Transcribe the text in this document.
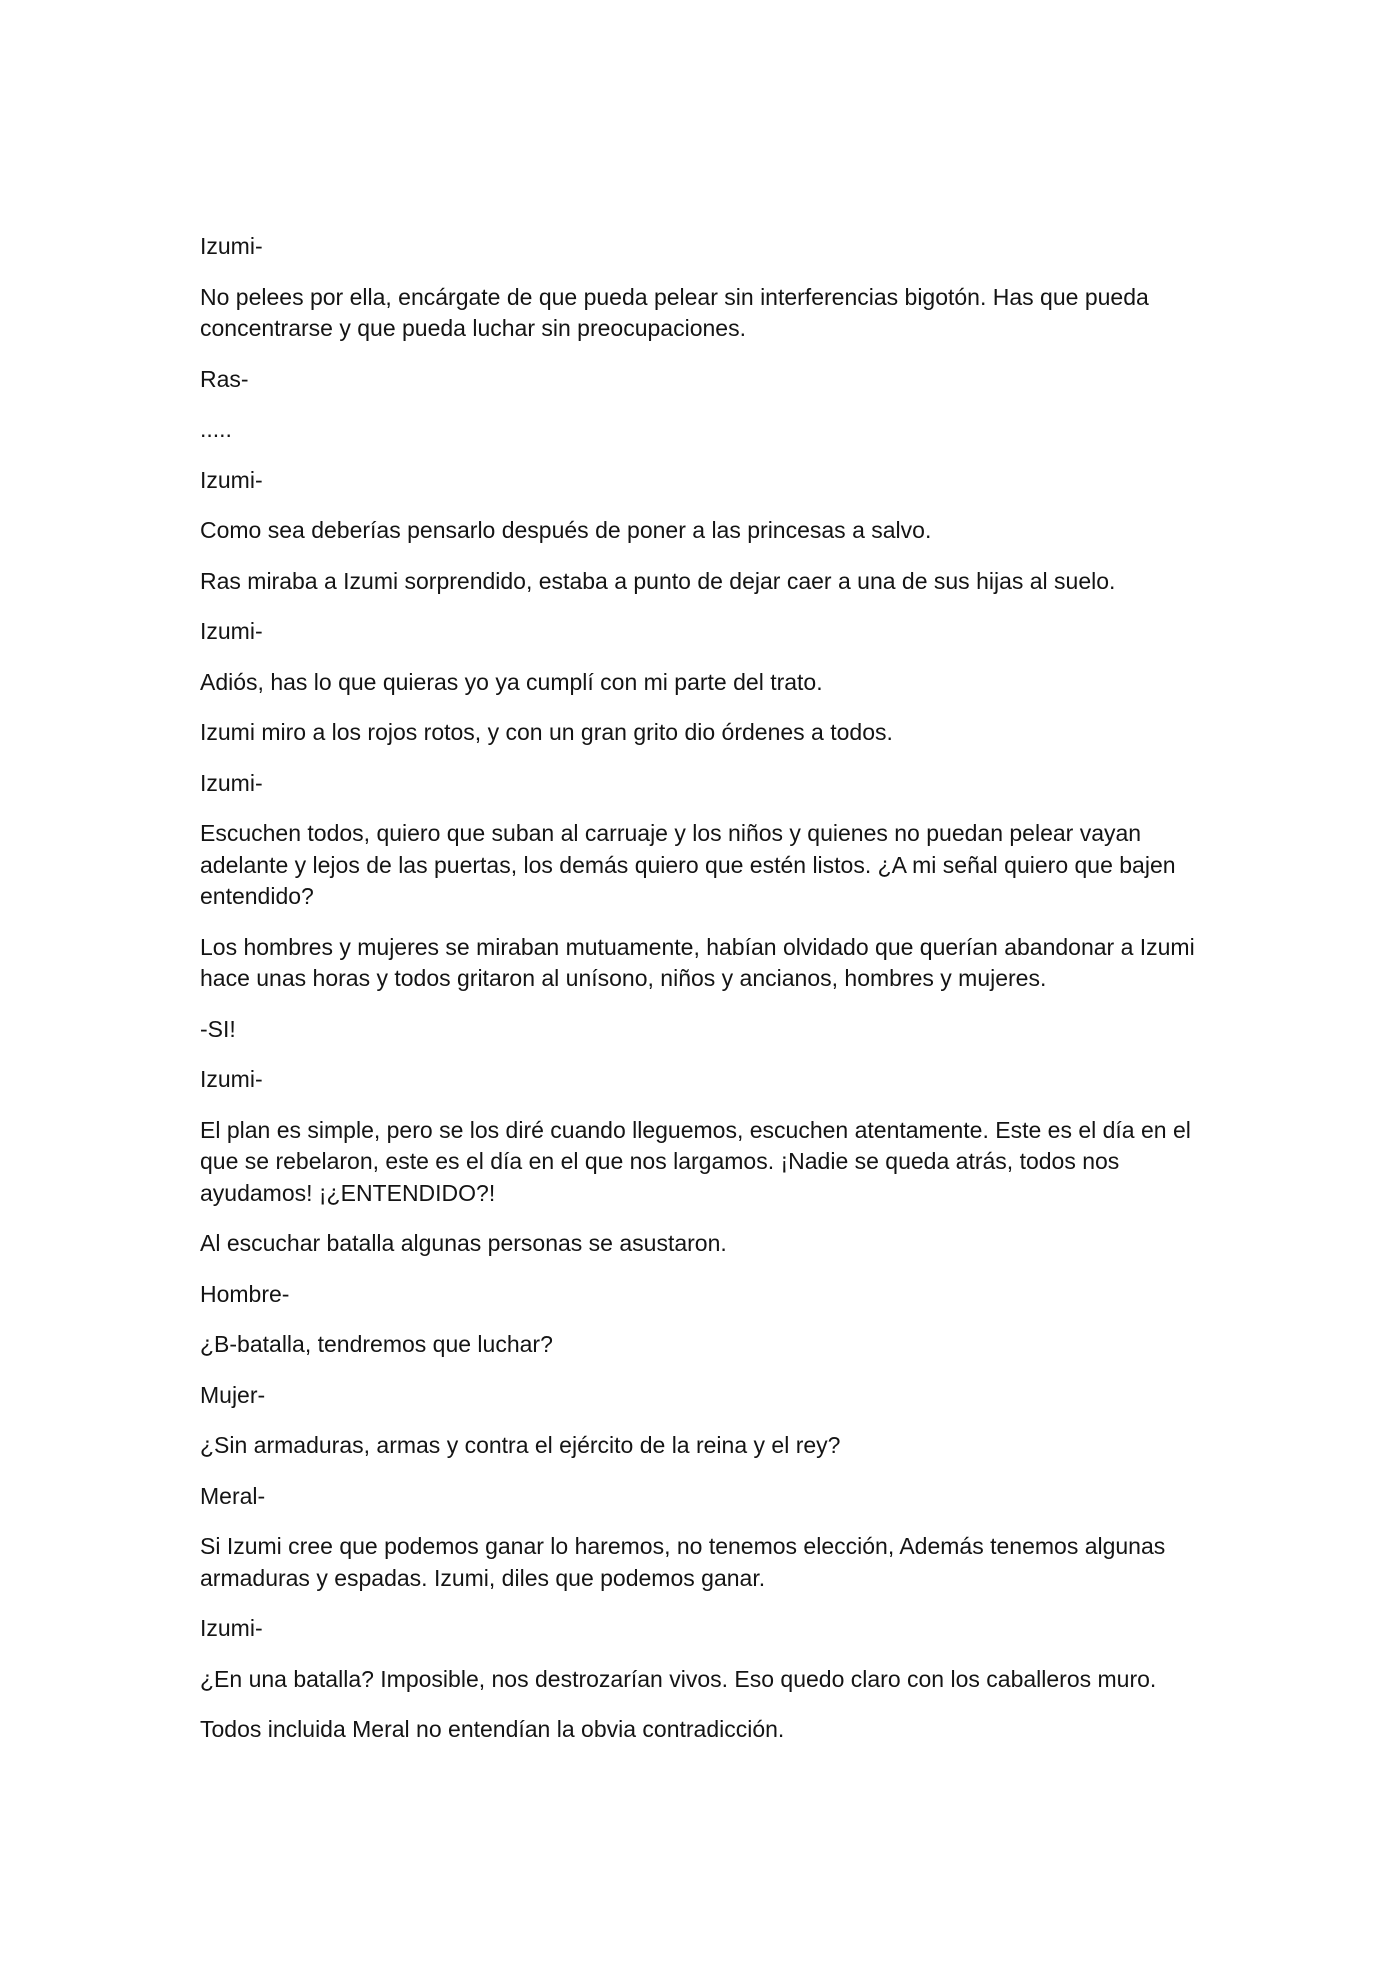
Izumi-

No pelees por ella, encárgate de que pueda pelear sin interferencias bigotón. Has que pueda concentrarse y que pueda luchar sin preocupaciones.

Ras-

.....

Izumi-

Como sea deberías pensarlo después de poner a las princesas a salvo.

Ras miraba a Izumi sorprendido, estaba a punto de dejar caer a una de sus hijas al suelo.

Izumi-

Adiós, has lo que quieras yo ya cumplí con mi parte del trato.

Izumi miro a los rojos rotos, y con un gran grito dio órdenes a todos.

Izumi-

Escuchen todos, quiero que suban al carruaje y los niños y quienes no puedan pelear vayan adelante y lejos de las puertas, los demás quiero que estén listos. ¿A mi señal quiero que bajen entendido?

Los hombres y mujeres se miraban mutuamente, habían olvidado que querían abandonar a Izumi hace unas horas y todos gritaron al unísono, niños y ancianos, hombres y mujeres.

-SI!

Izumi-

El plan es simple, pero se los diré cuando lleguemos, escuchen atentamente. Este es el día en el que se rebelaron, este es el día en el que nos largamos. ¡Nadie se queda atrás, todos nos ayudamos! ¡¿ENTENDIDO?!

Al escuchar batalla algunas personas se asustaron.

Hombre-

¿B-batalla, tendremos que luchar?

Mujer-

¿Sin armaduras, armas y contra el ejército de la reina y el rey?

Meral-

Si Izumi cree que podemos ganar lo haremos, no tenemos elección, Además tenemos algunas armaduras y espadas. Izumi, diles que podemos ganar.

Izumi-

¿En una batalla? Imposible, nos destrozarían vivos. Eso quedo claro con los caballeros muro.

Todos incluida Meral no entendían la obvia contradicción.
